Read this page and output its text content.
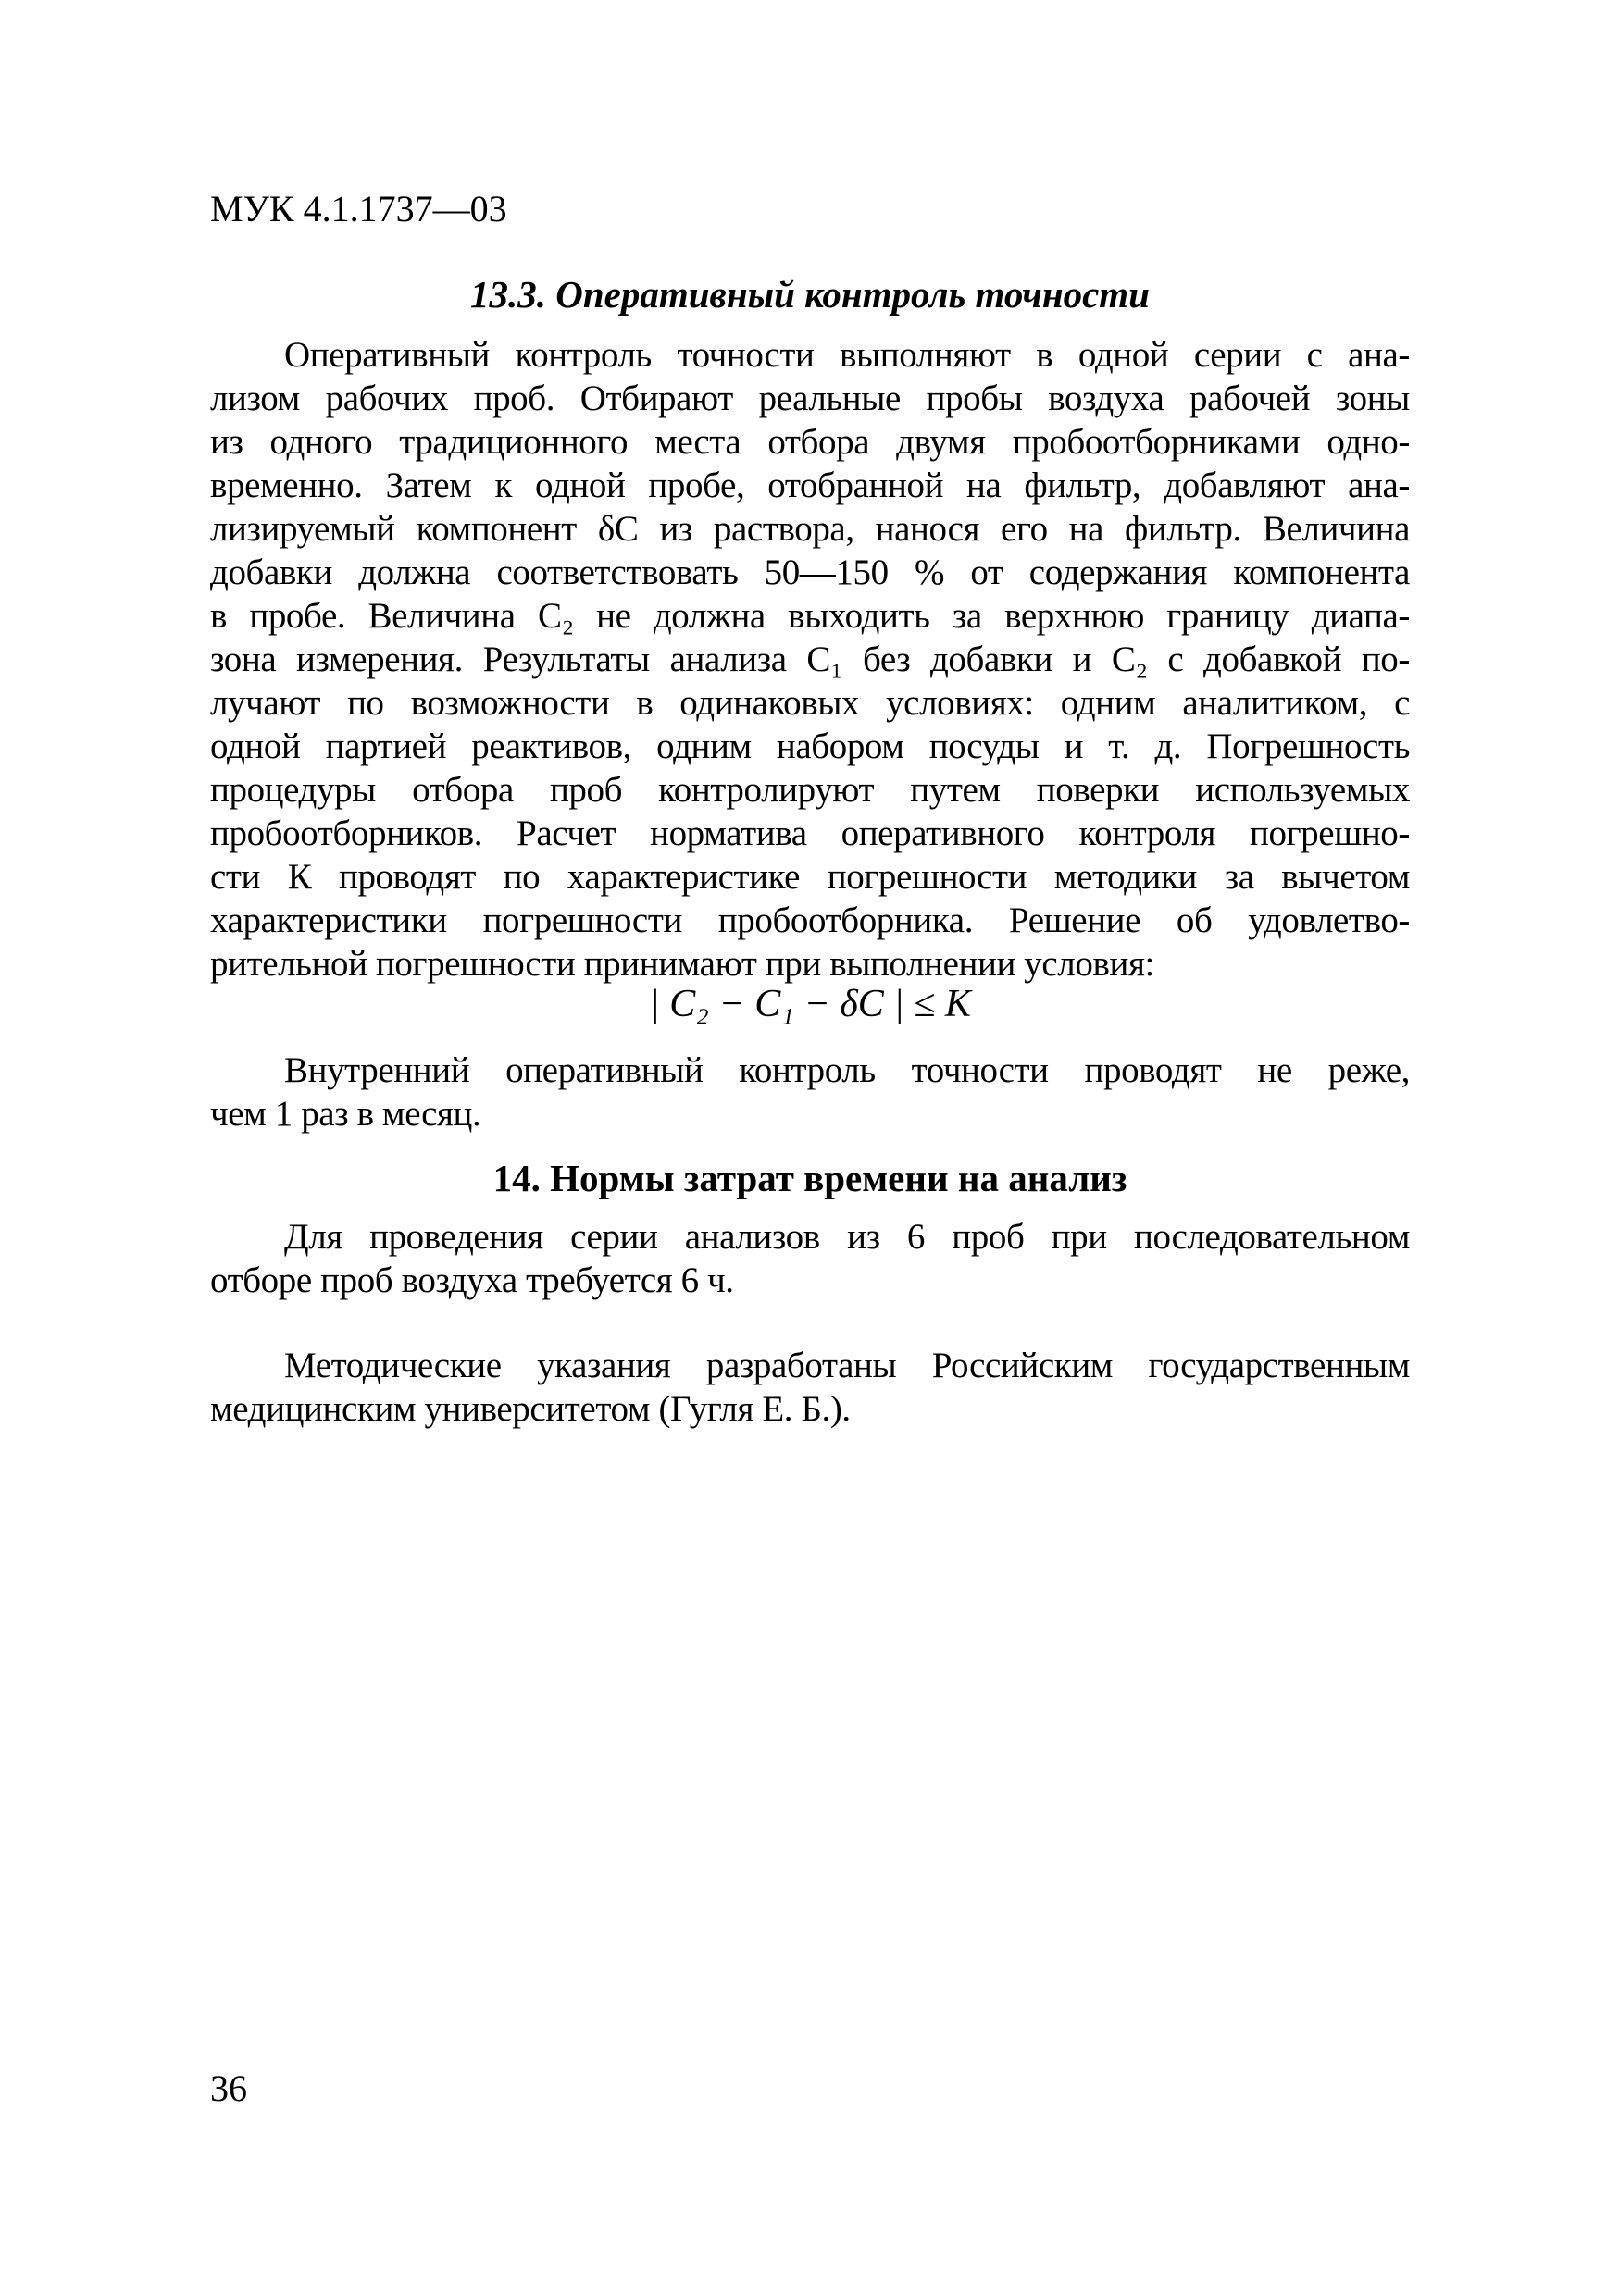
МУК 4.1.1737—03
13.3. Оперативный контроль точности
Оперативный контроль точности выполняют в одной серии с ана-
лизом рабочих проб. Отбирают реальные пробы воздуха рабочей зоны
из одного традиционного места отбора двумя пробоотборниками одно-
временно. Затем к одной пробе, отобранной на фильтр, добавляют ана-
лизируемый компонент δC из раствора, нанося его на фильтр. Величина
добавки должна соответствовать 50—150 % от содержания компонента
в пробе. Величина C₂ не должна выходить за верхнюю границу диапа-
зона измерения. Результаты анализа C₁ без добавки и C₂ с добавкой по-
лучают по возможности в одинаковых условиях: одним аналитиком, с
одной партией реактивов, одним набором посуды и т. д. Погрешность
процедуры отбора проб контролируют путем поверки используемых
пробоотборников. Расчет норматива оперативного контроля погрешно-
сти К проводят по характеристике погрешности методики за вычетом
характеристики погрешности пробоотборника. Решение об удовлетво-
рительной погрешности принимают при выполнении условия:
| C₂ − C₁ − δC | ≤ К
Внутренний оперативный контроль точности проводят не реже,
чем 1 раз в месяц.
14. Нормы затрат времени на анализ
Для проведения серии анализов из 6 проб при последовательном
отборе проб воздуха требуется 6 ч.
Методические указания разработаны Российским государственным
медицинским университетом (Гугля Е. Б.).
36
